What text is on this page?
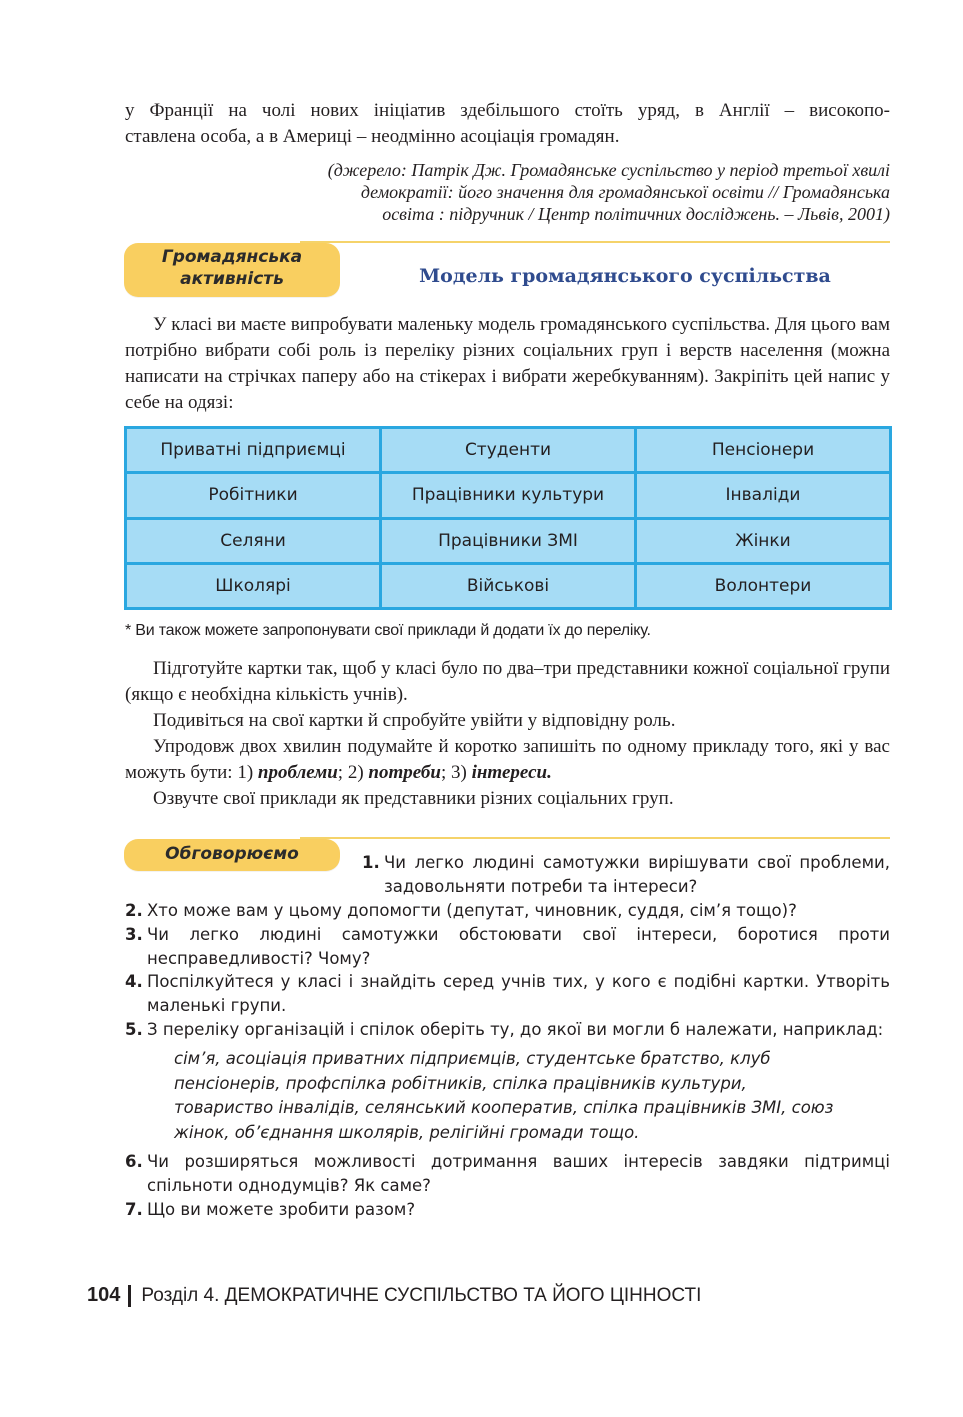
у Франції на чолі нових ініціатив здебільшого стоїть уряд, в Англії – високопо-
ставлена особа, а в Америці – неодмінно асоціація громадян.
(джерело: Патрік Дж. Громадянське суспільство у період третьої хвилі
демократії: його значення для громадянської освіти // Громадянська
освіта : підручник / Центр політичних досліджень. – Львів, 2001)
Громадянська
активність	Модель громадянського суспільства
У класі ви маєте випробувати маленьку модель громадянського суспільства. Для цього вам потрібно вибрати собі роль із переліку різних соціальних груп і верств населення (можна написати на стрічках паперу або на стікерах і вибрати жеребкуванням). Закріпіть цей напис у себе на одязі:
Приватні підприємці	Студенти	Пенсіонери
Робітники	Працівники культури	Інваліди
Селяни	Працівники ЗМІ	Жінки
Школярі	Військові	Волонтери
* Ви також можете запропонувати свої приклади й додати їх до переліку.
Підготуйте картки так, щоб у класі було по два–три представники кожної соціальної групи (якщо є необхідна кількість учнів).
Подивіться на свої картки й спробуйте увійти у відповідну роль.
Упродовж двох хвилин подумайте й коротко запишіть по одному прикладу того, які у вас можуть бути: 1) проблеми; 2) потреби; 3) інтереси.
Озвучте свої приклади як представники різних соціальних груп.
Обговорюємо	1. Чи легко людині самотужки вирішувати свої проблеми, задовольняти потреби та інтереси?
2. Хто може вам у цьому допомогти (депутат, чиновник, суддя, сім’я тощо)?
3. Чи легко людині самотужки обстоювати свої інтереси, боротися проти несправедливості? Чому?
4. Поспілкуйтеся у класі і знайдіть серед учнів тих, у кого є подібні картки. Утворіть маленькі групи.
5. З переліку організацій і спілок оберіть ту, до якої ви могли б належати, наприклад:
6. Чи розширяться можливості дотримання ваших інтересів завдяки підтримці спільноти однодумців? Як саме?
7. Що ви можете зробити разом?
сім’я, асоціація приватних підприємців, студентське братство, клуб пенсіонерів, профспілка робітників, спілка працівників культури, товариство інвалідів, селянський кооператив, спілка працівників ЗМІ, союз жінок, об’єднання школярів, релігійні громади тощо.
104 Розділ 4. ДЕМОКРАТИЧНЕ СУСПІЛЬСТВО ТА ЙОГО ЦІННОСТІ
